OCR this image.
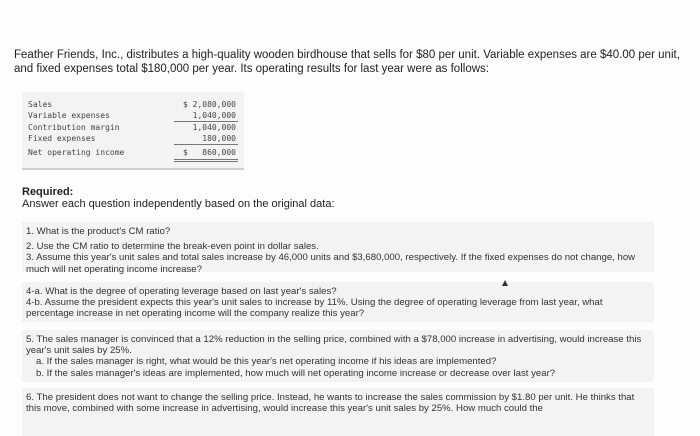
Feather Friends, Inc., distributes a high-quality wooden birdhouse that sells for $80 per unit. Variable expenses are $40.00 per unit, and fixed expenses total $180,000 per year. Its operating results for last year were as follows:
Sales	$ 2,080,000
Variable expenses	1,040,000
Contribution margin	1,040,000
Fixed expenses	180,000
Net operating income	$   860,000
Required:
Answer each question independently based on the original data:

1. What is the product's CM ratio?

2. Use the CM ratio to determine the break-even point in dollar sales.

3. Assume this year's unit sales and total sales increase by 46,000 units and $3,680,000, respectively. If the fixed expenses do not change, how much will net operating income increase?

4-a. What is the degree of operating leverage based on last year's sales?

4-b. Assume the president expects this year's unit sales to increase by 11%. Using the degree of operating leverage from last year, what percentage increase in net operating income will the company realize this year?

5. The sales manager is convinced that a 12% reduction in the selling price, combined with a $78,000 increase in advertising, would increase this year's unit sales by 25%.

a. If the sales manager is right, what would be this year's net operating income if his ideas are implemented?

b. If the sales manager's ideas are implemented, how much will net operating income increase or decrease over last year?

6. The president does not want to change the selling price. Instead, he wants to increase the sales commission by $1.80 per unit. He thinks that this move, combined with some increase in advertising, would increase this year's unit sales by 25%. How much could the
